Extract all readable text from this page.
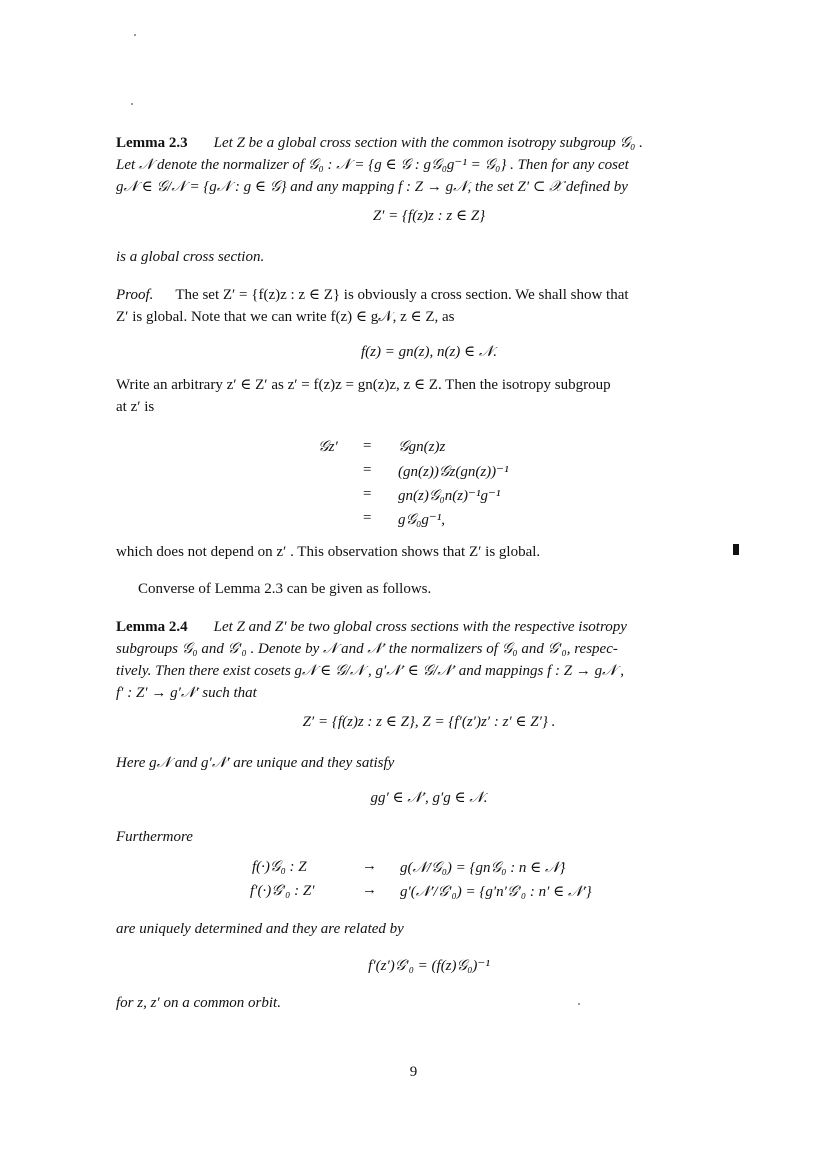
Lemma 2.3 Let Z be a global cross section with the common isotropy subgroup 𝒢₀ .
Let 𝒩 denote the normalizer of 𝒢₀ : 𝒩 = {g ∈ 𝒢 : g𝒢₀g⁻¹ = 𝒢₀} . Then for any coset
g𝒩 ∈ 𝒢/𝒩 = {g𝒩 : g ∈ 𝒢} and any mapping f : Z → g𝒩, the set Z′ ⊂ 𝒳 defined by
Z′ = {f(z)z : z ∈ Z}
is a global cross section.
Proof. The set Z′ = {f(z)z : z ∈ Z} is obviously a cross section. We shall show that
Z′ is global. Note that we can write f(z) ∈ g𝒩, z ∈ Z, as
f(z) = gn(z), n(z) ∈ 𝒩.
Write an arbitrary z′ ∈ Z′ as z′ = f(z)z = gn(z)z, z ∈ Z. Then the isotropy subgroup
at z′ is
𝒢z′ = 𝒢gn(z)z
= (gn(z))𝒢z(gn(z))⁻¹
= gn(z)𝒢₀n(z)⁻¹g⁻¹
= g𝒢₀g⁻¹,
which does not depend on z′ . This observation shows that Z′ is global.
Converse of Lemma 2.3 can be given as follows.
Lemma 2.4 Let Z and Z′ be two global cross sections with the respective isotropy
subgroups 𝒢₀ and 𝒢′₀ . Denote by 𝒩 and 𝒩′ the normalizers of 𝒢₀ and 𝒢′₀, respec-
tively. Then there exist cosets g𝒩 ∈ 𝒢/𝒩 , g′𝒩′ ∈ 𝒢/𝒩′ and mappings f : Z → g𝒩 ,
f′ : Z′ → g′𝒩′ such that
Z′ = {f(z)z : z ∈ Z}, Z = {f′(z′)z′ : z′ ∈ Z′} .
Here g𝒩 and g′𝒩′ are unique and they satisfy
gg′ ∈ 𝒩′, g′g ∈ 𝒩.
Furthermore
f(·)𝒢₀ : Z	→ g(𝒩/𝒢₀) = {gn𝒢₀ : n ∈ 𝒩}
f′(·)𝒢′₀ : Z′	→ g′(𝒩′/𝒢′₀) = {g′n′𝒢′₀ : n′ ∈ 𝒩′}
are uniquely determined and they are related by
f′(z′)𝒢′₀ = (f(z)𝒢₀)⁻¹
for z, z′ on a common orbit.
9
